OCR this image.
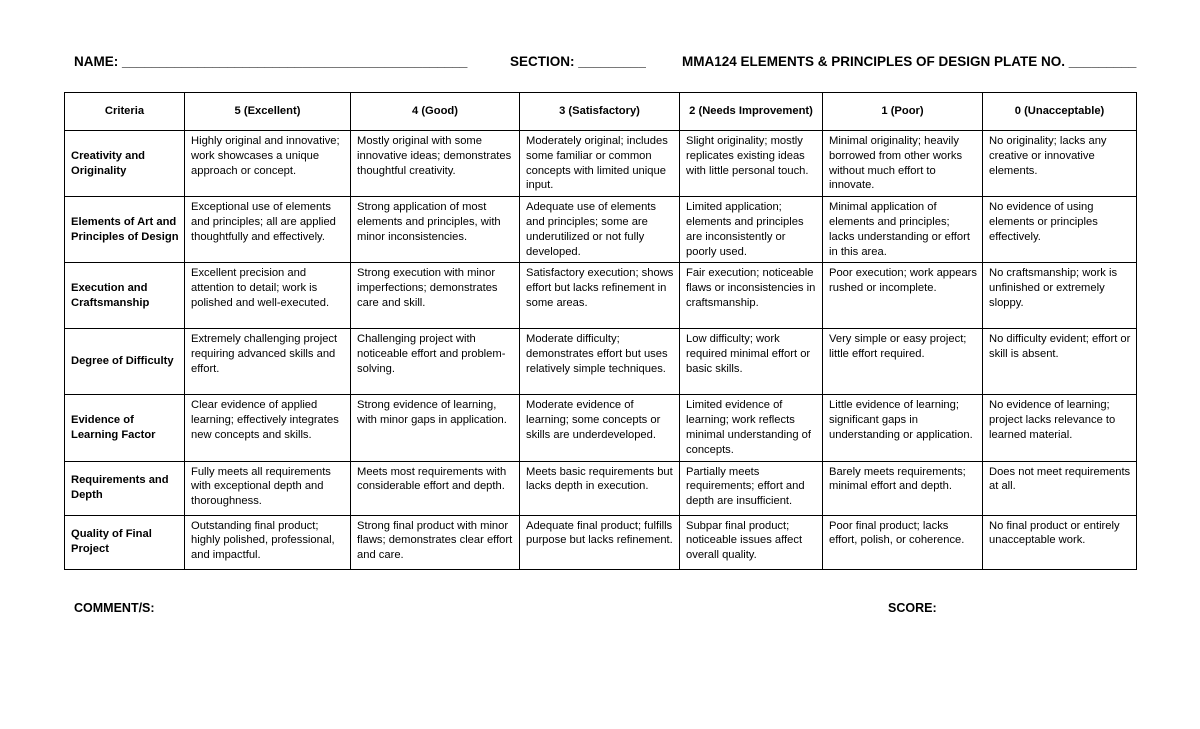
NAME: ______________________________________________	SECTION: _________	MMA124 ELEMENTS & PRINCIPLES OF DESIGN PLATE NO. _________
Criteria	5 (Excellent)	4 (Good)	3 (Satisfactory)	2 (Needs Improvement)	1 (Poor)	0 (Unacceptable)
Creativity and Originality	Highly original and innovative; work showcases a unique approach or concept.	Mostly original with some innovative ideas; demonstrates thoughtful creativity.	Moderately original; includes some familiar or common concepts with limited unique input.	Slight originality; mostly replicates existing ideas with little personal touch.	Minimal originality; heavily borrowed from other works without much effort to innovate.	No originality; lacks any creative or innovative elements.
Elements of Art and Principles of Design	Exceptional use of elements and principles; all are applied thoughtfully and effectively.	Strong application of most elements and principles, with minor inconsistencies.	Adequate use of elements and principles; some are underutilized or not fully developed.	Limited application; elements and principles are inconsistently or poorly used.	Minimal application of elements and principles; lacks understanding or effort in this area.	No evidence of using elements or principles effectively.
Execution and Craftsmanship	Excellent precision and attention to detail; work is polished and well-executed.	Strong execution with minor imperfections; demonstrates care and skill.	Satisfactory execution; shows effort but lacks refinement in some areas.	Fair execution; noticeable flaws or inconsistencies in craftsmanship.	Poor execution; work appears rushed or incomplete.	No craftsmanship; work is unfinished or extremely sloppy.
Degree of Difficulty	Extremely challenging project requiring advanced skills and effort.	Challenging project with noticeable effort and problem-solving.	Moderate difficulty; demonstrates effort but uses relatively simple techniques.	Low difficulty; work required minimal effort or basic skills.	Very simple or easy project; little effort required.	No difficulty evident; effort or skill is absent.
Evidence of Learning Factor	Clear evidence of applied learning; effectively integrates new concepts and skills.	Strong evidence of learning, with minor gaps in application.	Moderate evidence of learning; some concepts or skills are underdeveloped.	Limited evidence of learning; work reflects minimal understanding of concepts.	Little evidence of learning; significant gaps in understanding or application.	No evidence of learning; project lacks relevance to learned material.
Requirements and Depth	Fully meets all requirements with exceptional depth and thoroughness.	Meets most requirements with considerable effort and depth.	Meets basic requirements but lacks depth in execution.	Partially meets requirements; effort and depth are insufficient.	Barely meets requirements; minimal effort and depth.	Does not meet requirements at all.
Quality of Final Project	Outstanding final product; highly polished, professional, and impactful.	Strong final product with minor flaws; demonstrates clear effort and care.	Adequate final product; fulfills purpose but lacks refinement.	Subpar final product; noticeable issues affect overall quality.	Poor final product; lacks effort, polish, or coherence.	No final product or entirely unacceptable work.
COMMENT/S:	SCORE:
